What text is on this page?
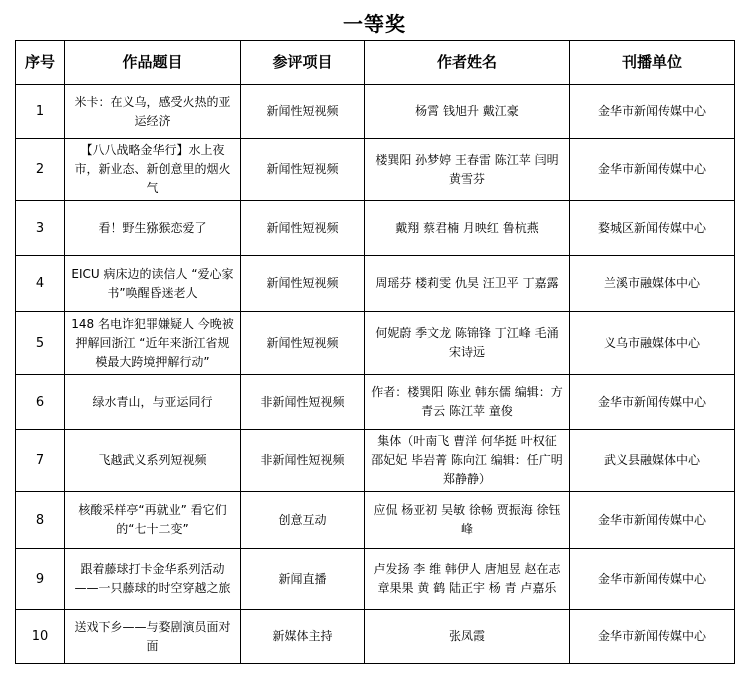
一等奖
序号	作品题目	参评项目	作者姓名	刊播单位
1	米卡：在义乌，感受火热的亚运经济	新闻性短视频	杨霄 钱旭升 戴江豪	金华市新闻传媒中心
2	【八八战略金华行】水上夜市，新业态、新创意里的烟火气	新闻性短视频	楼巽阳 孙梦婷 王春雷 陈江苹 闫明 黄雪芬	金华市新闻传媒中心
3	看！野生猕猴恋爱了	新闻性短视频	戴翔 蔡君楠 月映红 鲁杭燕	婺城区新闻传媒中心
4	EICU 病床边的读信人 “爱心家书”唤醒昏迷老人	新闻性短视频	周瑶芬 楼莉雯 仇昊 汪卫平 丁嘉露	兰溪市融媒体中心
5	148 名电诈犯罪嫌疑人 今晚被押解回浙江 “近年来浙江省规模最大跨境押解行动”	新闻性短视频	何妮蔚 季文龙 陈锦锋 丁江峰 毛涌 宋诗远	义乌市融媒体中心
6	绿水青山，与亚运同行	非新闻性短视频	作者：楼巽阳 陈业 韩东儒 编辑：方青云 陈江苹 童俊	金华市新闻传媒中心
7	飞越武义系列短视频	非新闻性短视频	集体（叶南飞 曹洋 何华挺 叶权征 邵妃妃 毕岩菁 陈向江 编辑：任广明 郑静静）	武义县融媒体中心
8	核酸采样亭“再就业” 看它们的“七十二变”	创意互动	应侃 杨亚初 吴敏 徐畅 贾振海 徐钰峰	金华市新闻传媒中心
9	跟着藤球打卡金华系列活动——一只藤球的时空穿越之旅	新闻直播	卢发扬 李 维 韩伊人 唐旭昱 赵在志 章果果 黄 鹤 陆正宇 杨 青 卢嘉乐	金华市新闻传媒中心
10	送戏下乡——与婺剧演员面对面	新媒体主持	张凤霞	金华市新闻传媒中心
